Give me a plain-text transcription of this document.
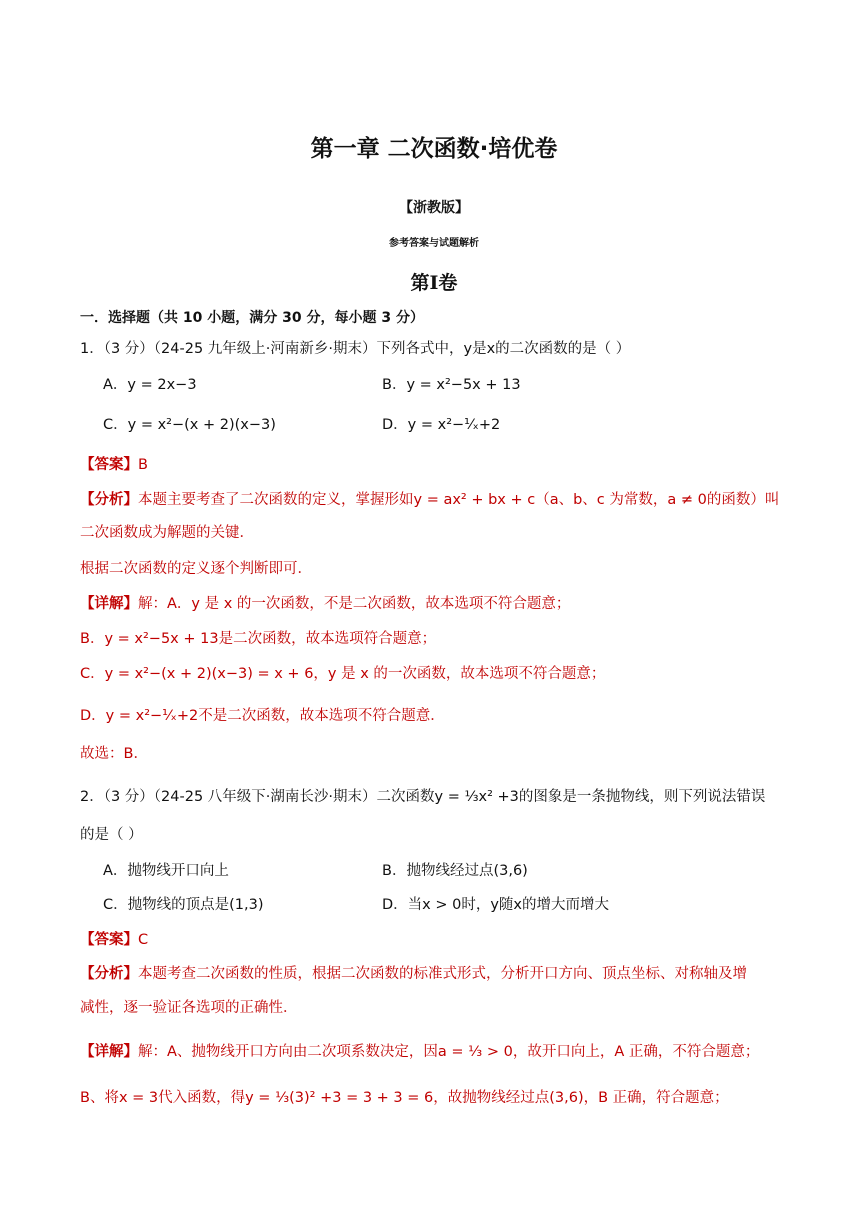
第一章 二次函数·培优卷
【浙教版】
参考答案与试题解析
第Ⅰ卷
一．选择题（共 10 小题，满分 30 分，每小题 3 分）
1．（3 分）（24-25 九年级上·河南新乡·期末）下列各式中，y是x的二次函数的是（ ）
A．y = 2x−3	B．y = x²−5x + 13
C．y = x²−(x + 2)(x−3)	D．y = x²−¹⁄ₓ+2
【答案】B
【分析】本题主要考查了二次函数的定义，掌握形如y = ax² + bx + c（a、b、c 为常数，a ≠ 0的函数）叫
二次函数成为解题的关键．
根据二次函数的定义逐个判断即可．
【详解】解：A．y 是 x 的一次函数，不是二次函数，故本选项不符合题意；
B．y = x²−5x + 13是二次函数，故本选项符合题意；
C．y = x²−(x + 2)(x−3) = x + 6，y 是 x 的一次函数，故本选项不符合题意；
D．y = x²−¹⁄ₓ+2不是二次函数，故本选项不符合题意．
故选：B．
2．（3 分）（24-25 八年级下·湖南长沙·期末）二次函数y = ⅓x² +3的图象是一条抛物线，则下列说法错误
的是（ ）
A．抛物线开口向上	B．抛物线经过点(3,6)
C．抛物线的顶点是(1,3)	D．当x > 0时，y随x的增大而增大
【答案】C
【分析】本题考查二次函数的性质，根据二次函数的标准式形式，分析开口方向、顶点坐标、对称轴及增
减性，逐一验证各选项的正确性．
【详解】解：A、抛物线开口方向由二次项系数决定，因a = ⅓ > 0，故开口向上，A 正确，不符合题意；
B、将x = 3代入函数，得y = ⅓(3)² +3 = 3 + 3 = 6，故抛物线经过点(3,6)，B 正确，符合题意；
